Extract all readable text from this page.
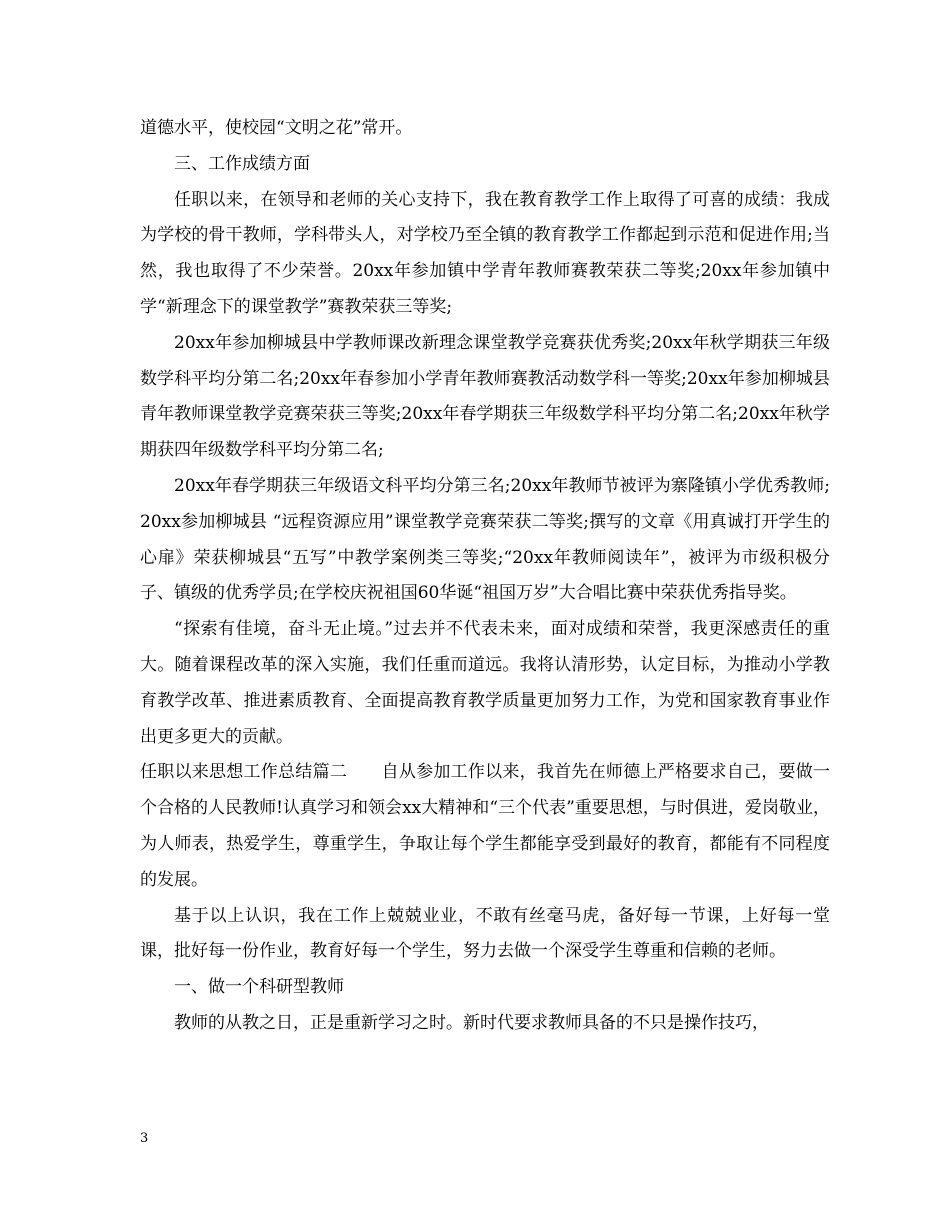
道德水平，使校园“文明之花”常开。

三、工作成绩方面

任职以来，在领导和老师的关心支持下，我在教育教学工作上取得了可喜的成绩：我成为学校的骨干教师，学科带头人，对学校乃至全镇的教育教学工作都起到示范和促进作用;当然，我也取得了不少荣誉。20xx年参加镇中学青年教师赛教荣获二等奖;20xx年参加镇中学“新理念下的课堂教学”赛教荣获三等奖;

20xx年参加柳城县中学教师课改新理念课堂教学竞赛获优秀奖;20xx年秋学期获三年级数学科平均分第二名;20xx年春参加小学青年教师赛教活动数学科一等奖;20xx年参加柳城县青年教师课堂教学竞赛荣获三等奖;20xx年春学期获三年级数学科平均分第二名;20xx年秋学期获四年级数学科平均分第二名;

20xx年春学期获三年级语文科平均分第三名;20xx年教师节被评为寨隆镇小学优秀教师; 20xx参加柳城县 “远程资源应用”课堂教学竞赛荣获二等奖;撰写的文章《用真诚打开学生的心扉》荣获柳城县“五写”中教学案例类三等奖;“20xx年教师阅读年”，被评为市级积极分子、镇级的优秀学员;在学校庆祝祖国60华诞“祖国万岁”大合唱比赛中荣获优秀指导奖。

“探索有佳境，奋斗无止境。”过去并不代表未来，面对成绩和荣誉，我更深感责任的重大。随着课程改革的深入实施，我们任重而道远。我将认清形势，认定目标，为推动小学教育教学改革、推进素质教育、全面提高教育教学质量更加努力工作，为党和国家教育事业作出更多更大的贡献。

任职以来思想工作总结篇二　　自从参加工作以来，我首先在师德上严格要求自己，要做一个合格的人民教师!认真学习和领会xx大精神和“三个代表”重要思想，与时俱进，爱岗敬业，为人师表，热爱学生，尊重学生，争取让每个学生都能享受到最好的教育，都能有不同程度的发展。

基于以上认识，我在工作上兢兢业业，不敢有丝毫马虎，备好每一节课，上好每一堂课，批好每一份作业，教育好每一个学生，努力去做一个深受学生尊重和信赖的老师。

一、做一个科研型教师

教师的从教之日，正是重新学习之时。新时代要求教师具备的不只是操作技巧，

3
